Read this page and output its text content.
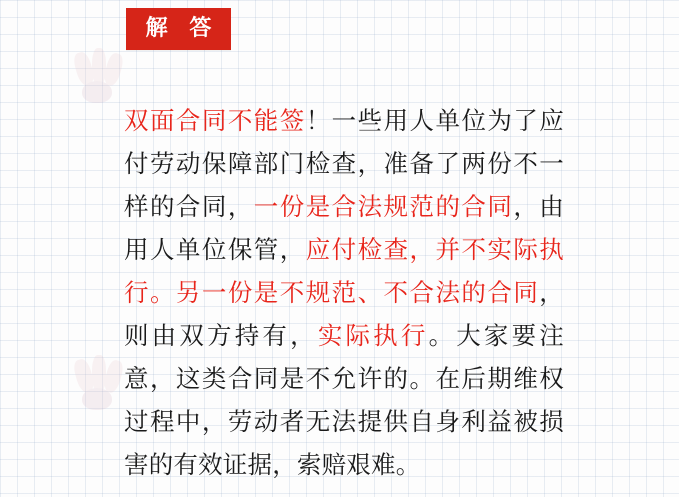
解 答

双面合同不能签！一些用人单位为了应付劳动保障部门检查，准备了两份不一样的合同，一份是合法规范的合同，由用人单位保管，应付检查，并不实际执行。另一份是不规范、不合法的合同，则由双方持有，实际执行。大家要注意，这类合同是不允许的。在后期维权过程中，劳动者无法提供自身利益被损害的有效证据，索赔艰难。
